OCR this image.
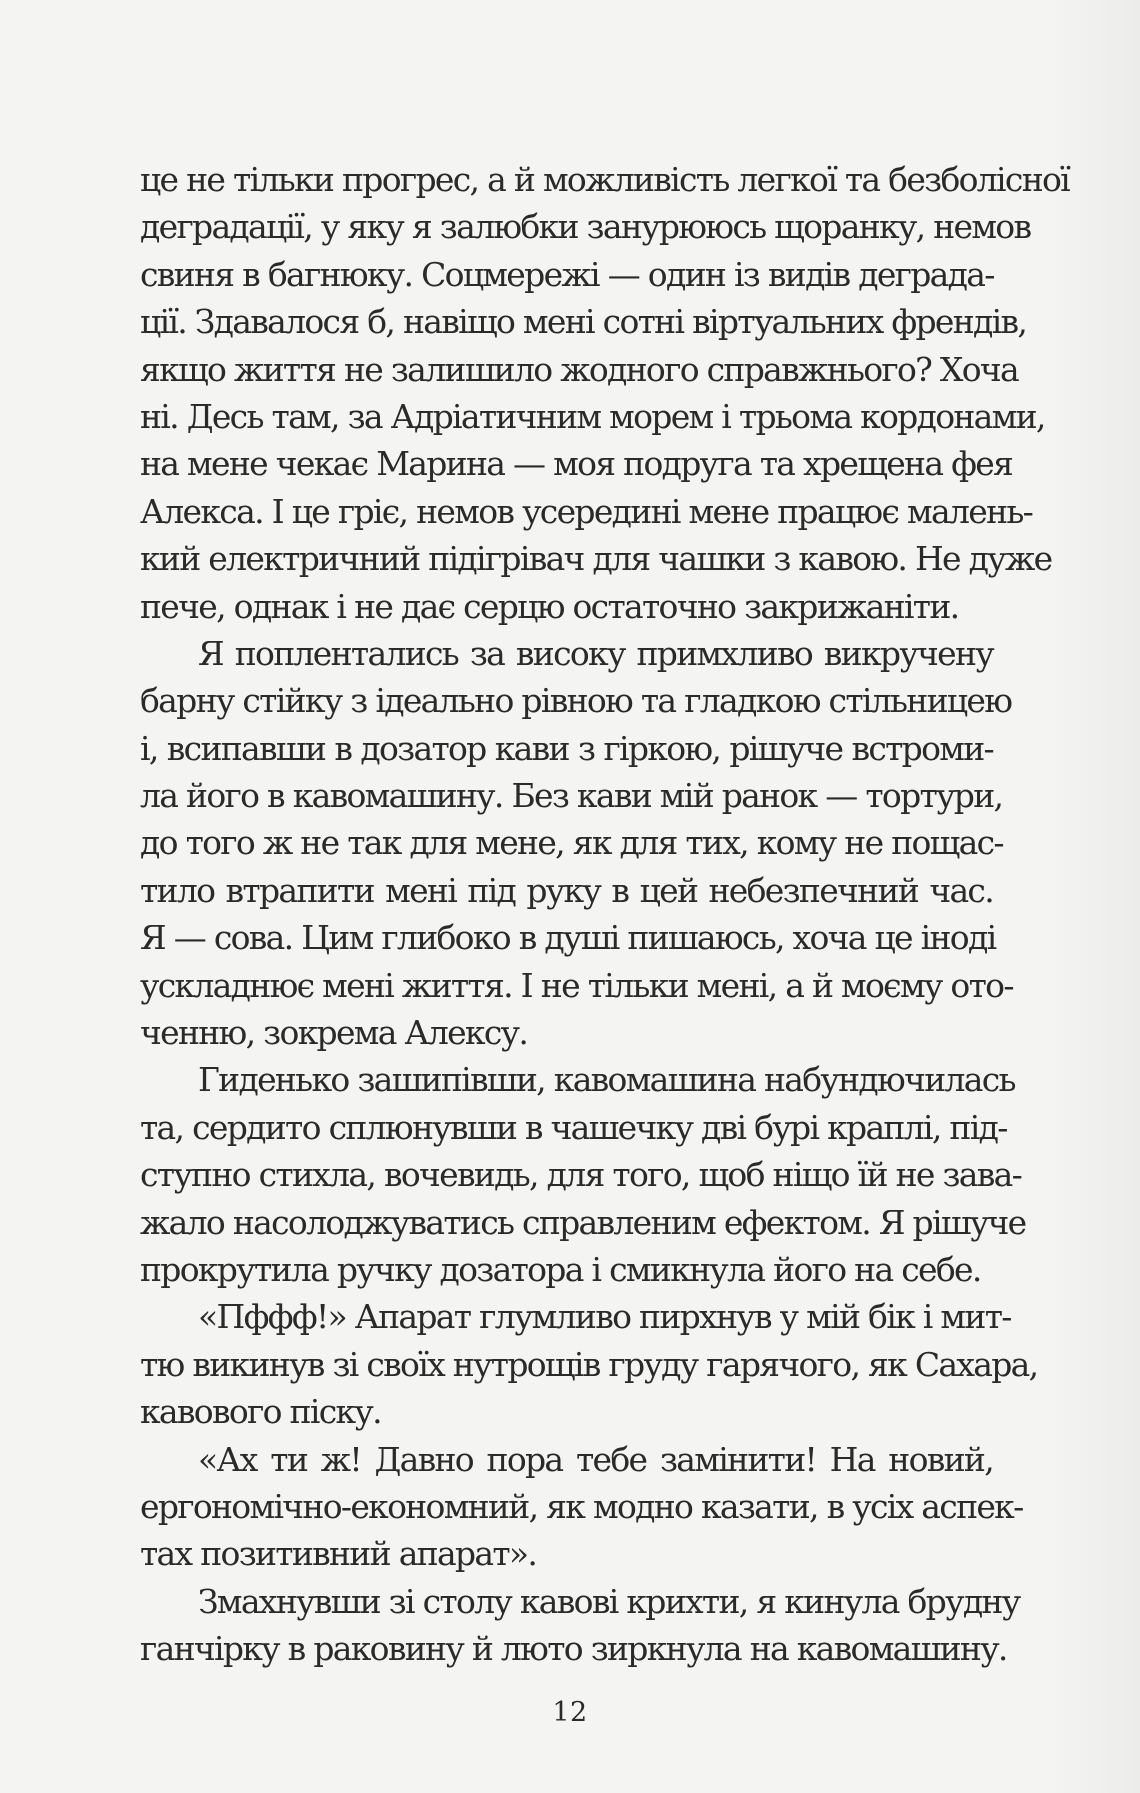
це не тільки прогрес, а й можливість легкої та безболісної
деградації, у яку я залюбки занурююсь щоранку, немов
свиня в багнюку. Соцмережі — один із видів деграда-
ції. Здавалося б, навіщо мені сотні віртуальних френдів,
якщо життя не залишило жодного справжнього? Хоча
ні. Десь там, за Адріатичним морем і трьома кордонами,
на мене чекає Марина — моя подруга та хрещена фея
Алекса. І це гріє, немов усередині мене працює малень-
кий електричний підігрівач для чашки з кавою. Не дуже
пече, однак і не дає серцю остаточно закрижаніти.
Я поплентались за високу примхливо викручену
барну стійку з ідеально рівною та гладкою стільницею
і, всипавши в дозатор кави з гіркою, рішуче встроми-
ла його в кавомашину. Без кави мій ранок — тортури,
до того ж не так для мене, як для тих, кому не пощас-
тило втрапити мені під руку в цей небезпечний час.
Я — сова. Цим глибоко в душі пишаюсь, хоча це іноді
ускладнює мені життя. І не тільки мені, а й моєму ото-
ченню, зокрема Алексу.
Гиденько зашипівши, кавомашина набундючилась
та, сердито сплюнувши в чашечку дві бурі краплі, під-
ступно стихла, вочевидь, для того, щоб ніщо їй не зава-
жало насолоджуватись справленим ефектом. Я рішуче
прокрутила ручку дозатора і смикнула його на себе.
«Пффф!» Апарат глумливо пирхнув у мій бік і мит-
тю викинув зі своїх нутрощів груду гарячого, як Сахара,
кавового піску.
«Ах ти ж! Давно пора тебе замінити! На новий,
ергономічно-економний, як модно казати, в усіх аспек-
тах позитивний апарат».
Змахнувши зі столу кавові крихти, я кинула брудну
ганчірку в раковину й люто зиркнула на кавомашину.
12
